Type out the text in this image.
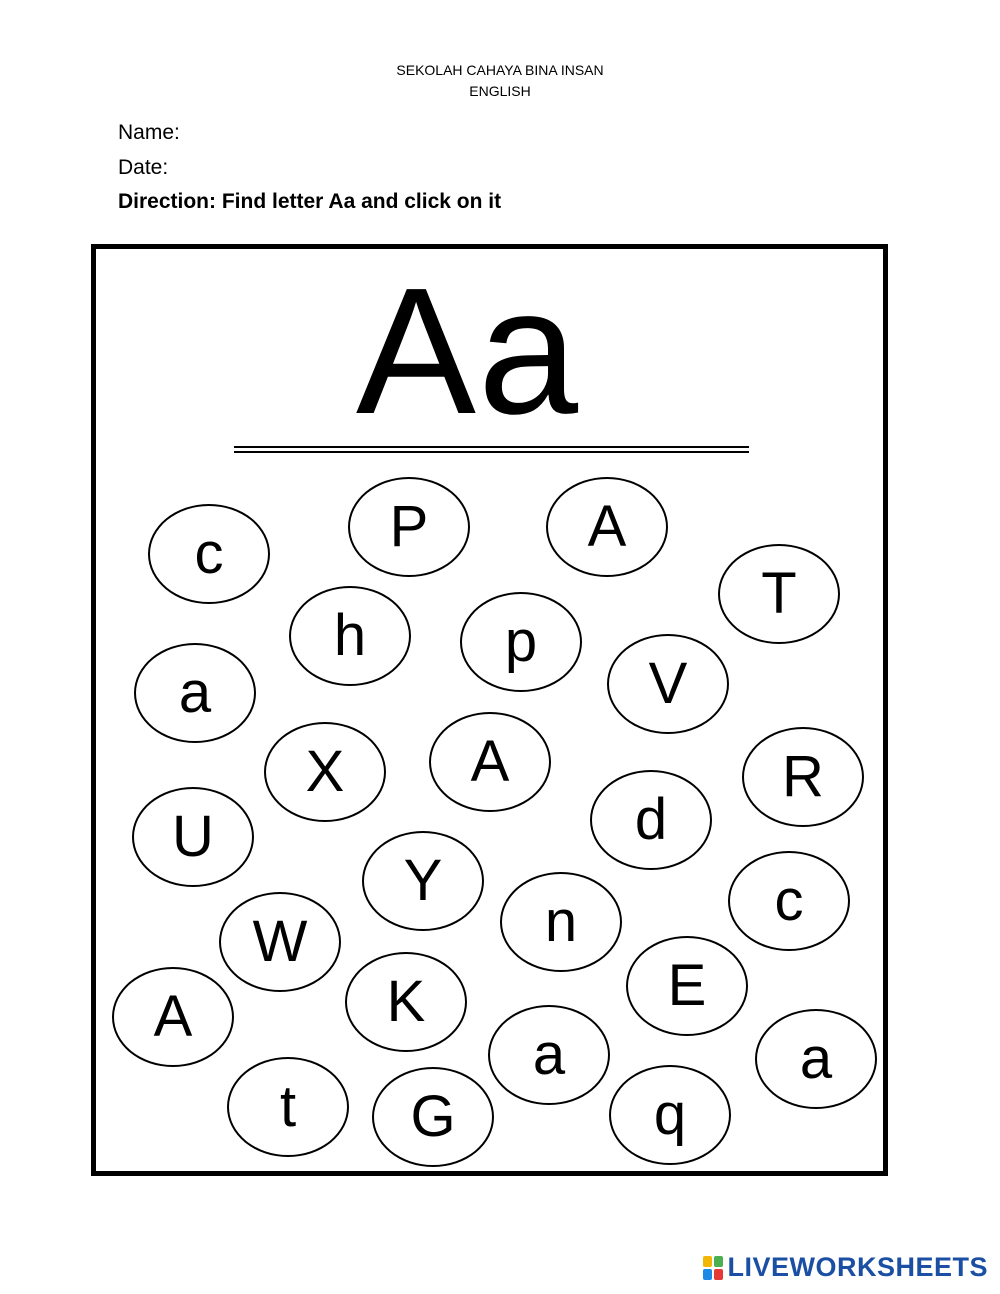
SEKOLAH CAHAYA BINA INSAN
ENGLISH
Name:
Date:
Direction: Find letter Aa and click on it
Aa
c	P	A
T
h	p
a	V
X	A	R
U	d
Y	c
W	n
E
A	K
a	a
t	G	q
LIVEWORKSHEETS
